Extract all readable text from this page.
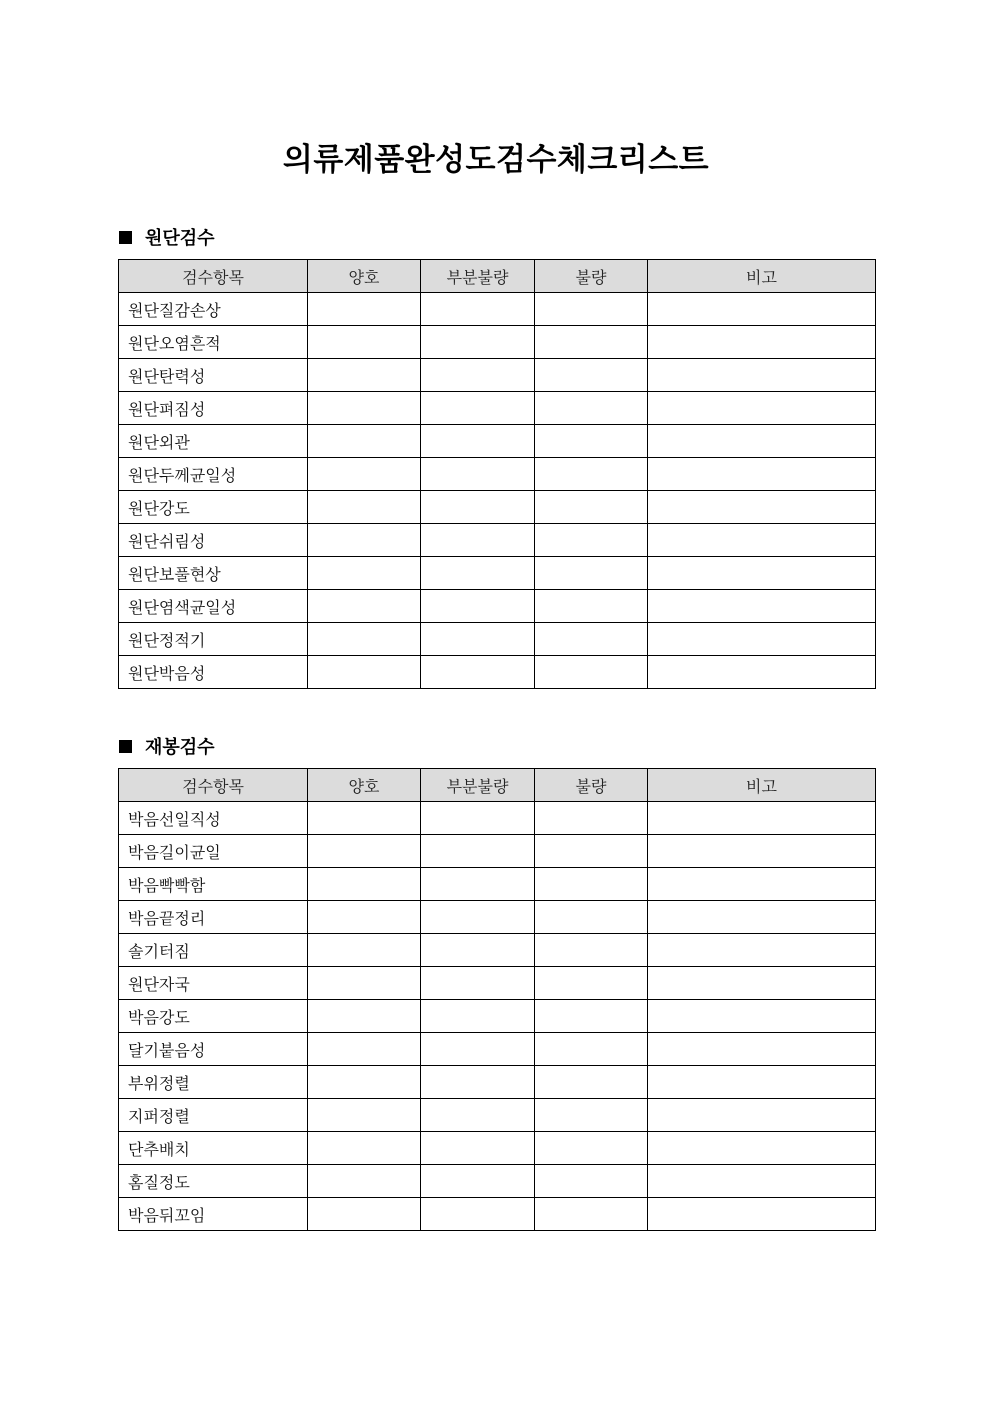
의류제품완성도검수체크리스트
원단검수
검수항목	양호	부분불량	불량	비고
원단질감손상				
원단오염흔적				
원단탄력성				
원단펴짐성				
원단외관				
원단두께균일성				
원단강도				
원단쉬림성				
원단보풀현상				
원단염색균일성				
원단정적기				
원단박음성				
재봉검수
검수항목	양호	부분불량	불량	비고
박음선일직성				
박음길이균일				
박음빡빡함				
박음끝정리				
솔기터짐				
원단자국				
박음강도				
달기붙음성				
부위정렬				
지퍼정렬				
단추배치				
홈질정도				
박음뒤꼬임				
